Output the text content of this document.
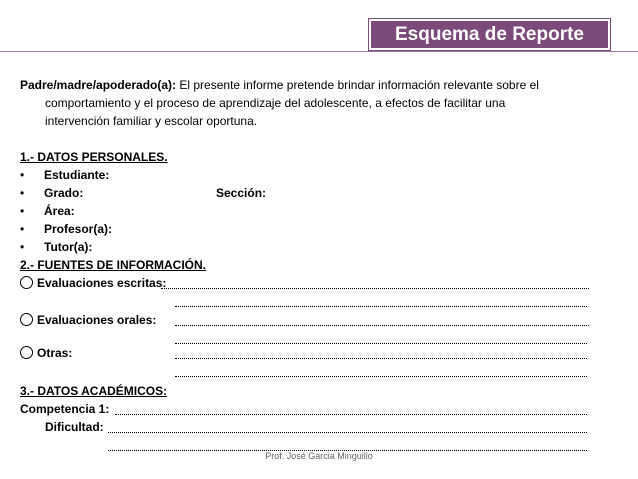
Esquema de Reporte
Padre/madre/apoderado(a): El presente informe pretende brindar información relevante sobre el
comportamiento y el proceso de aprendizaje del adolescente, a efectos de facilitar una
intervención familiar y escolar oportuna.
1.- DATOS PERSONALES.
• Estudiante:
• Grado:	Sección:
• Área:
• Profesor(a):
• Tutor(a):
2.- FUENTES DE INFORMACIÓN.
Evaluaciones escritas:
Evaluaciones orales:
Otras:
3.- DATOS ACADÉMICOS:
Competencia 1:
Dificultad:
Prof. José Garcia Minguillo
